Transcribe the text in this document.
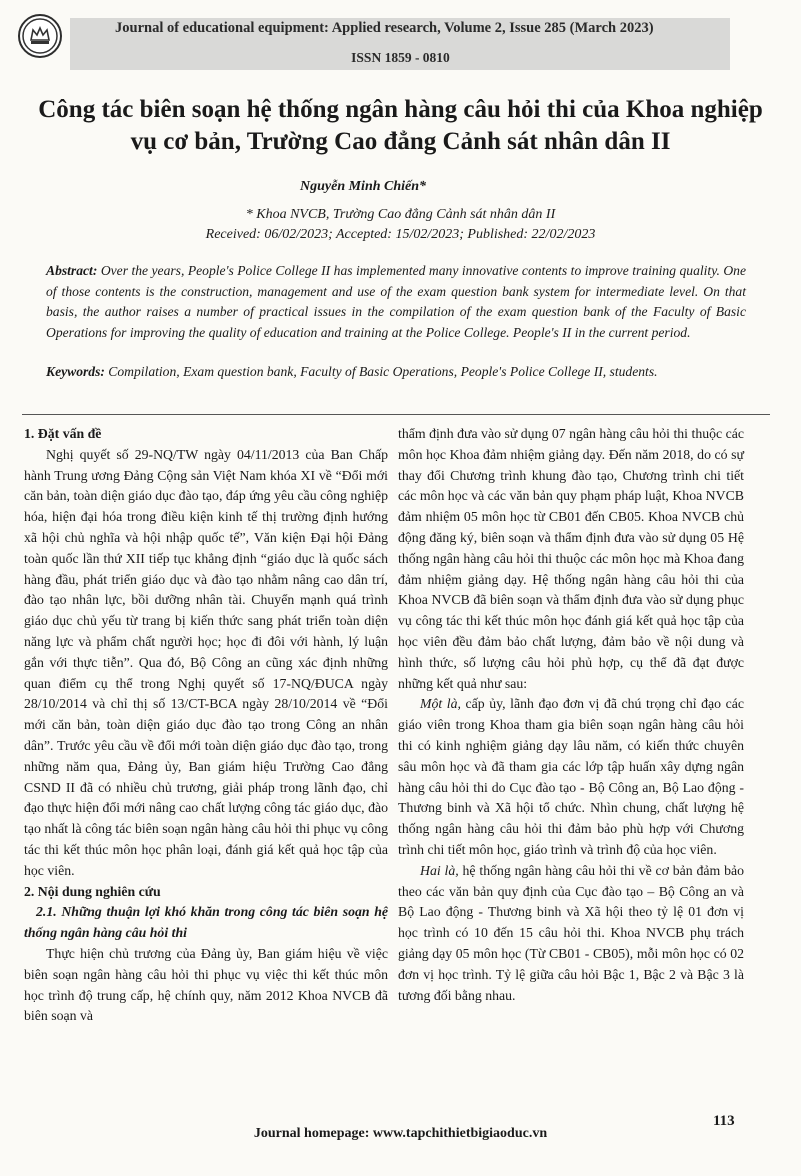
Journal of educational equipment: Applied research, Volume 2, Issue 285 (March 2023)
ISSN 1859 - 0810
Công tác biên soạn hệ thống ngân hàng câu hỏi thi của Khoa nghiệp vụ cơ bản, Trường Cao đẳng Cảnh sát nhân dân II
Nguyễn Minh Chiến*
* Khoa NVCB, Trường Cao đẳng Cảnh sát nhân dân II
Received: 06/02/2023; Accepted: 15/02/2023; Published: 22/02/2023
Abstract: Over the years, People's Police College II has implemented many innovative contents to improve training quality. One of those contents is the construction, management and use of the exam question bank system for intermediate level. On that basis, the author raises a number of practical issues in the compilation of the exam question bank of the Faculty of Basic Operations for improving the quality of education and training at the Police College. People's II in the current period.
Keywords: Compilation, Exam question bank, Faculty of Basic Operations, People's Police College II, students.
1. Đặt vấn đề
Nghị quyết số 29-NQ/TW ngày 04/11/2013 của Ban Chấp hành Trung ương Đảng Cộng sản Việt Nam khóa XI về “Đổi mới căn bản, toàn diện giáo dục đào tạo, đáp ứng yêu cầu công nghiệp hóa, hiện đại hóa trong điều kiện kinh tế thị trường định hướng xã hội chủ nghĩa và hội nhập quốc tế”, Văn kiện Đại hội Đảng toàn quốc lần thứ XII tiếp tục khẳng định “giáo dục là quốc sách hàng đầu, phát triển giáo dục và đào tạo nhằm nâng cao dân trí, đào tạo nhân lực, bồi dưỡng nhân tài. Chuyển mạnh quá trình giáo dục chủ yếu từ trang bị kiến thức sang phát triển toàn diện năng lực và phẩm chất người học; học đi đôi với hành, lý luận gắn với thực tiễn”. Qua đó, Bộ Công an cũng xác định những quan điểm cụ thể trong Nghị quyết số 17-NQ/ĐUCA ngày 28/10/2014 và chỉ thị số 13/CT-BCA ngày 28/10/2014 về “Đổi mới căn bản, toàn diện giáo dục đào tạo trong Công an nhân dân”. Trước yêu cầu về đổi mới toàn diện giáo dục đào tạo, trong những năm qua, Đảng ủy, Ban giám hiệu Trường Cao đẳng CSND II đã có nhiều chủ trương, giải pháp trong lãnh đạo, chỉ đạo thực hiện đổi mới nâng cao chất lượng công tác giáo dục, đào tạo nhất là công tác biên soạn ngân hàng câu hỏi thi phục vụ công tác thi kết thúc môn học phân loại, đánh giá kết quả học tập của học viên.
2. Nội dung nghiên cứu
2.1. Những thuận lợi khó khăn trong công tác biên soạn hệ thống ngân hàng câu hỏi thi
Thực hiện chủ trương của Đảng ủy, Ban giám hiệu về việc biên soạn ngân hàng câu hỏi thi phục vụ việc thi kết thúc môn học trình độ trung cấp, hệ chính quy, năm 2012 Khoa NVCB đã biên soạn và
thẩm định đưa vào sử dụng 07 ngân hàng câu hỏi thi thuộc các môn học Khoa đảm nhiệm giảng dạy. Đến năm 2018, do có sự thay đổi Chương trình khung đào tạo, Chương trình chi tiết các môn học và các văn bản quy phạm pháp luật, Khoa NVCB đảm nhiệm 05 môn học từ CB01 đến CB05. Khoa NVCB chủ động đăng ký, biên soạn và thẩm định đưa vào sử dụng 05 Hệ thống ngân hàng câu hỏi thi thuộc các môn học mà Khoa đang đảm nhiệm giảng dạy. Hệ thống ngân hàng câu hỏi thi của Khoa NVCB đã biên soạn và thẩm định đưa vào sử dụng phục vụ công tác thi kết thúc môn học đánh giá kết quả học tập của học viên đều đảm bảo chất lượng, đảm bảo về nội dung và hình thức, số lượng câu hỏi phủ hợp, cụ thể đã đạt được những kết quả như sau:
Một là, cấp ủy, lãnh đạo đơn vị đã chú trọng chỉ đạo các giáo viên trong Khoa tham gia biên soạn ngân hàng câu hỏi thi có kinh nghiệm giảng dạy lâu năm, có kiến thức chuyên sâu môn học và đã tham gia các lớp tập huấn xây dựng ngân hàng câu hỏi thi do Cục đào tạo - Bộ Công an, Bộ Lao động - Thương binh và Xã hội tổ chức. Nhìn chung, chất lượng hệ thống ngân hàng câu hỏi thi đảm bảo phù hợp với Chương trình chi tiết môn học, giáo trình và trình độ của học viên.
Hai là, hệ thống ngân hàng câu hỏi thi về cơ bản đảm bảo theo các văn bản quy định của Cục đào tạo – Bộ Công an và Bộ Lao động - Thương binh và Xã hội theo tỷ lệ 01 đơn vị học trình có 10 đến 15 câu hỏi thi. Khoa NVCB phụ trách giảng dạy 05 môn học (Từ CB01 - CB05), mỗi môn học có 02 đơn vị học trình. Tỷ lệ giữa câu hỏi Bậc 1, Bậc 2 và Bậc 3 là tương đối bằng nhau.
113
Journal homepage: www.tapchithietbigiaoduc.vn
